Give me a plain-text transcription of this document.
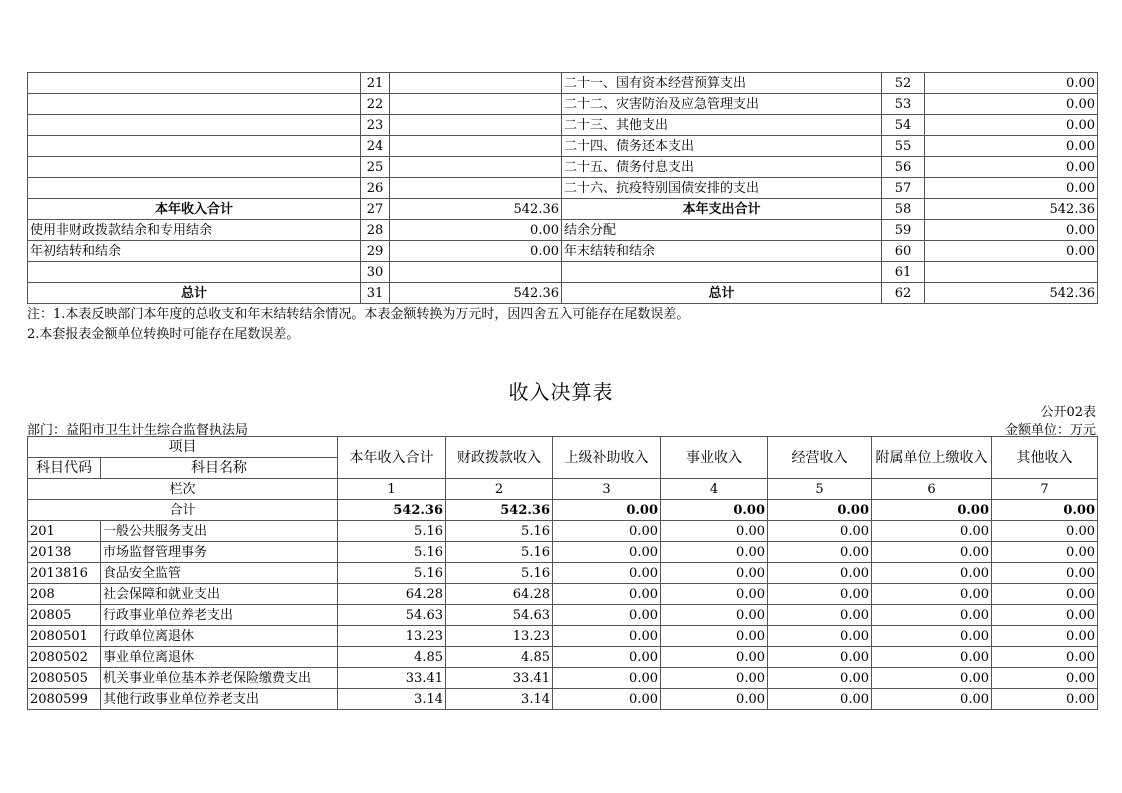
	21		二十一、国有资本经营预算支出	52	0.00
	22		二十二、灾害防治及应急管理支出	53	0.00
	23		二十三、其他支出	54	0.00
	24		二十四、债务还本支出	55	0.00
	25		二十五、债务付息支出	56	0.00
	26		二十六、抗疫特别国债安排的支出	57	0.00
本年收入合计	27	542.36	本年支出合计	58	542.36
使用非财政拨款结余和专用结余	28	0.00	结余分配	59	0.00
年初结转和结余	29	0.00	年末结转和结余	60	0.00
	30			61	
总计	31	542.36	总计	62	542.36
注：1.本表反映部门本年度的总收支和年末结转结余情况。本表金额转换为万元时，因四舍五入可能存在尾数误差。
2.本套报表金额单位转换时可能存在尾数误差。
收入决算表
公开02表
部门：益阳市卫生计生综合监督执法局	金额单位：万元
项目		本年收入合计	财政拨款收入	上级补助收入	事业收入	经营收入	附属单位上缴收入	其他收入
科目代码	科目名称							
栏次		1	2	3	4	5	6	7
合计		542.36	542.36	0.00	0.00	0.00	0.00	0.00
201	一般公共服务支出	5.16	5.16	0.00	0.00	0.00	0.00	0.00
20138	市场监督管理事务	5.16	5.16	0.00	0.00	0.00	0.00	0.00
2013816	食品安全监管	5.16	5.16	0.00	0.00	0.00	0.00	0.00
208	社会保障和就业支出	64.28	64.28	0.00	0.00	0.00	0.00	0.00
20805	行政事业单位养老支出	54.63	54.63	0.00	0.00	0.00	0.00	0.00
2080501	行政单位离退休	13.23	13.23	0.00	0.00	0.00	0.00	0.00
2080502	事业单位离退休	4.85	4.85	0.00	0.00	0.00	0.00	0.00
2080505	机关事业单位基本养老保险缴费支出	33.41	33.41	0.00	0.00	0.00	0.00	0.00
2080599	其他行政事业单位养老支出	3.14	3.14	0.00	0.00	0.00	0.00	0.00
